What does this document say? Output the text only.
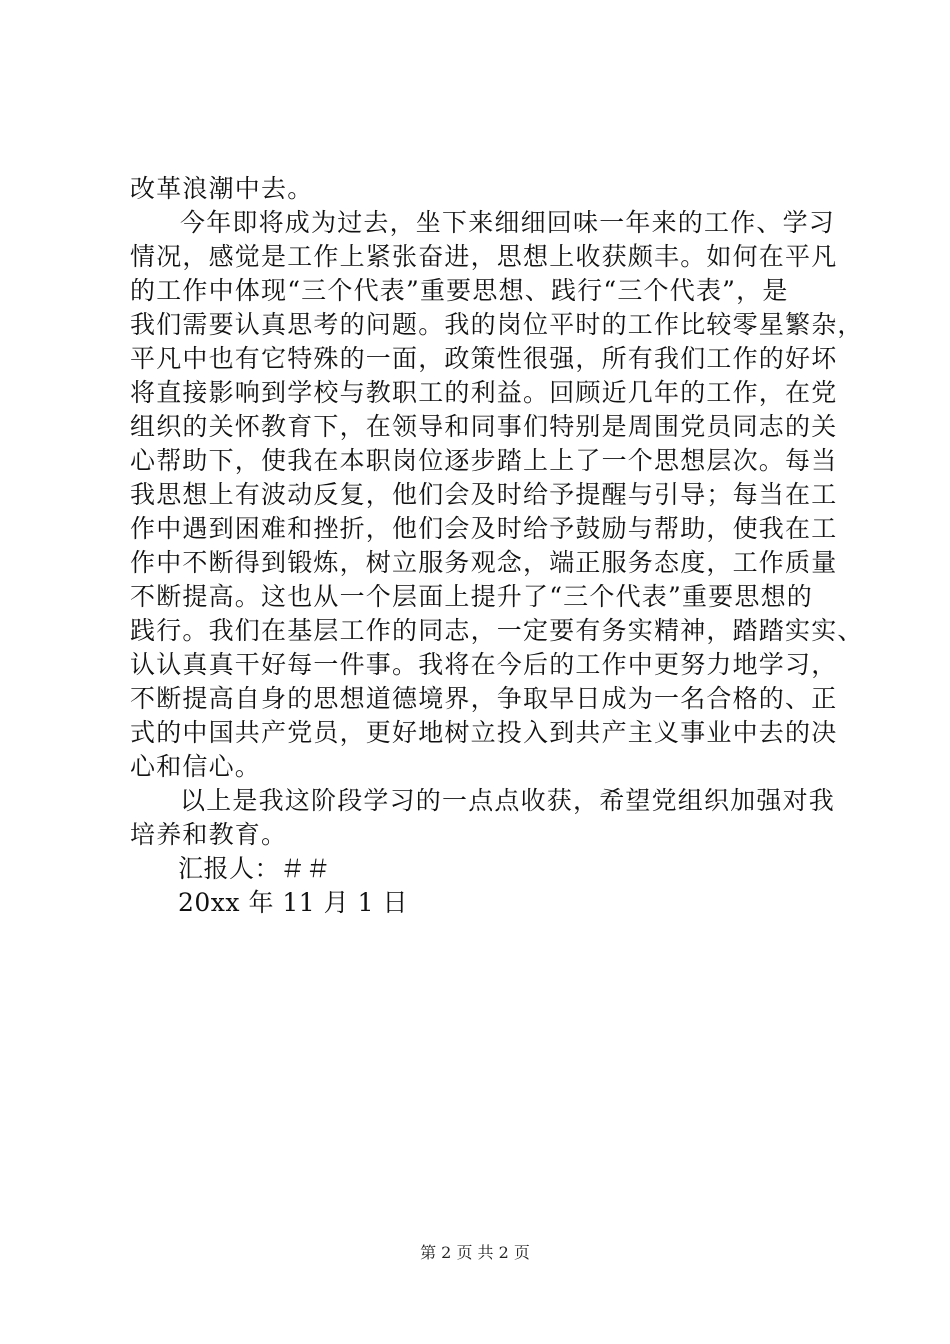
改革浪潮中去。
今年即将成为过去，坐下来细细回味一年来的工作、学习
情况，感觉是工作上紧张奋进，思想上收获颇丰。如何在平凡
的工作中体现“三个代表”重要思想、践行“三个代表”，是
我们需要认真思考的问题。我的岗位平时的工作比较零星繁杂，
平凡中也有它特殊的一面，政策性很强，所有我们工作的好坏
将直接影响到学校与教职工的利益。回顾近几年的工作，在党
组织的关怀教育下，在领导和同事们特别是周围党员同志的关
心帮助下，使我在本职岗位逐步踏上上了一个思想层次。每当
我思想上有波动反复，他们会及时给予提醒与引导；每当在工
作中遇到困难和挫折，他们会及时给予鼓励与帮助，使我在工
作中不断得到锻炼，树立服务观念，端正服务态度，工作质量
不断提高。这也从一个层面上提升了“三个代表”重要思想的
践行。我们在基层工作的同志，一定要有务实精神，踏踏实实、
认认真真干好每一件事。我将在今后的工作中更努力地学习，
不断提高自身的思想道德境界，争取早日成为一名合格的、正
式的中国共产党员，更好地树立投入到共产主义事业中去的决
心和信心。
以上是我这阶段学习的一点点收获，希望党组织加强对我
培养和教育。
汇报人：＃＃
20xx 年 11 月 1 日
第 2 页 共 2 页
